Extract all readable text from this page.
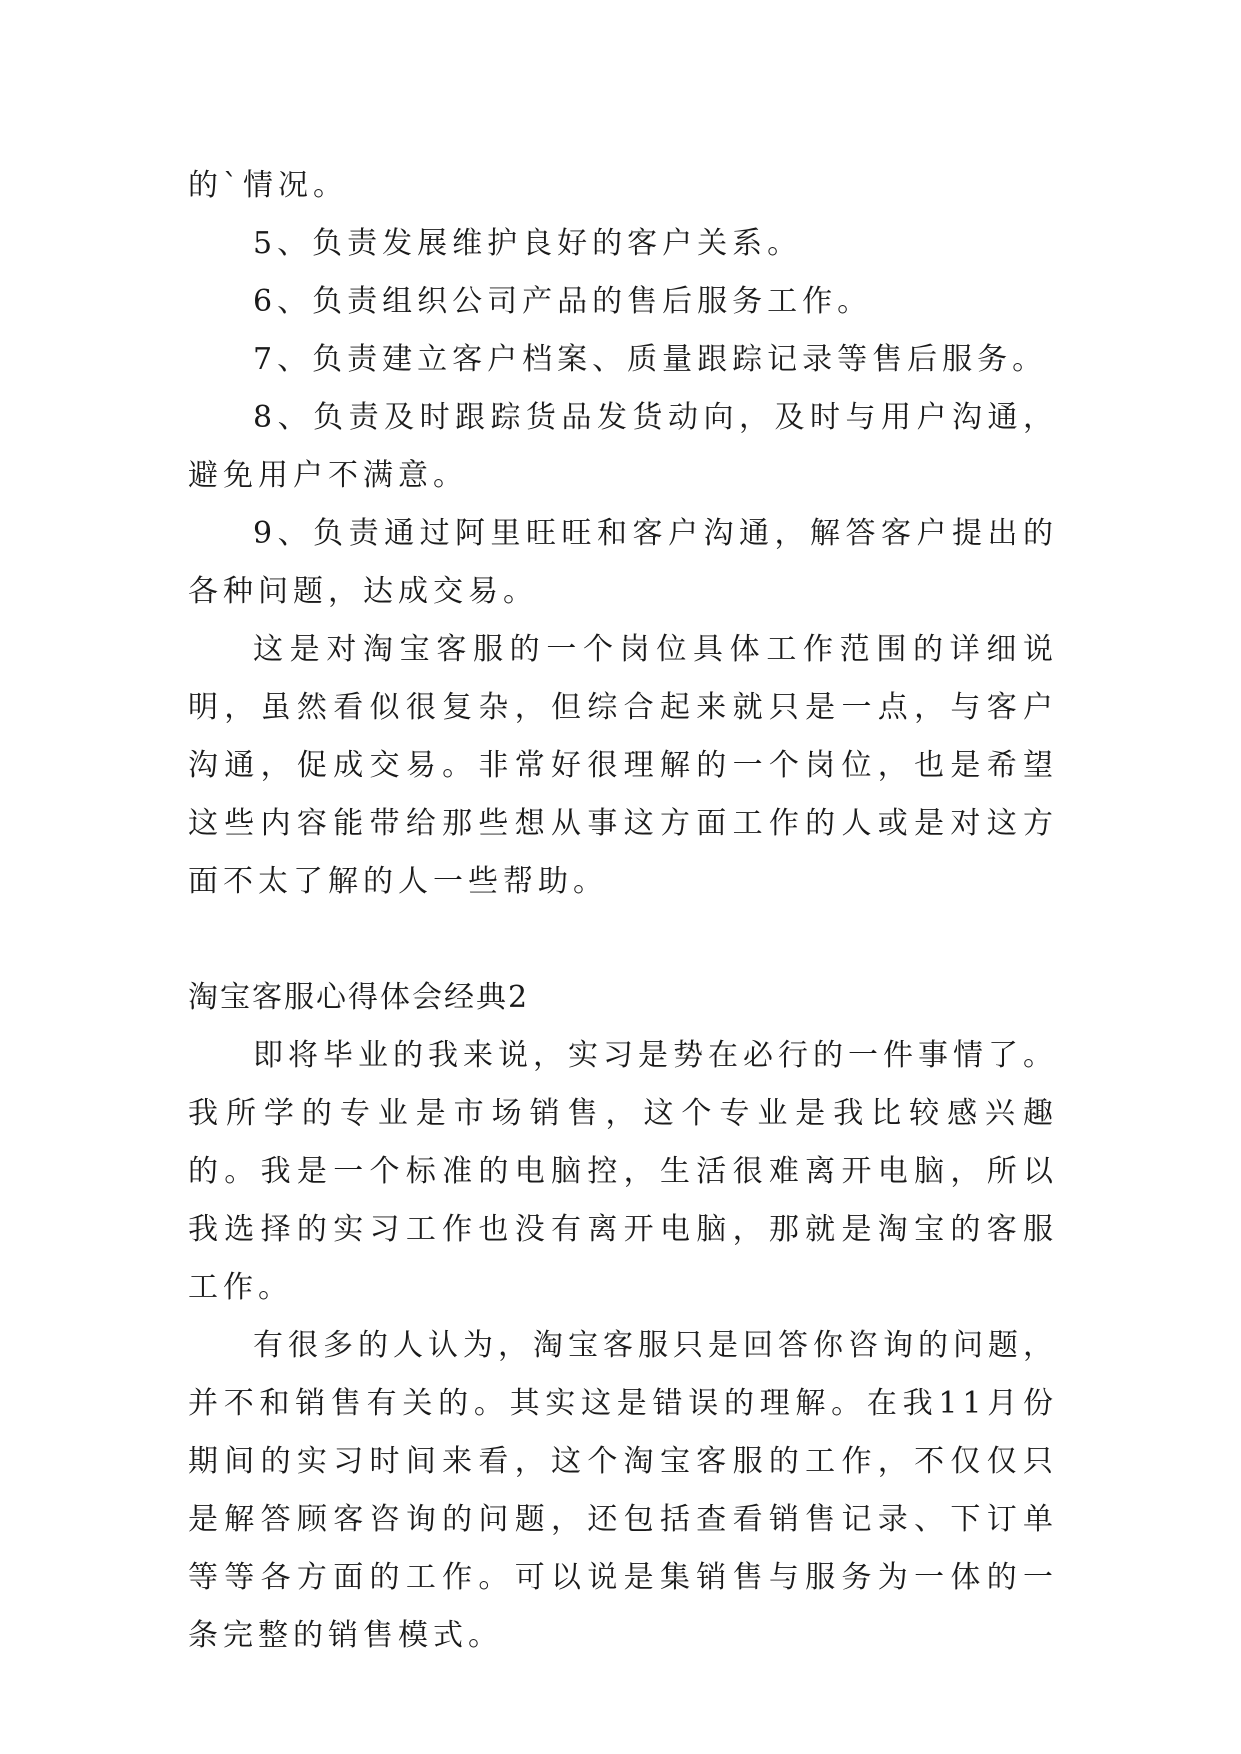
的`情况。

5、负责发展维护良好的客户关系。

6、负责组织公司产品的售后服务工作。

7、负责建立客户档案、质量跟踪记录等售后服务。

8、负责及时跟踪货品发货动向，及时与用户沟通，避免用户不满意。

9、负责通过阿里旺旺和客户沟通，解答客户提出的各种问题，达成交易。

这是对淘宝客服的一个岗位具体工作范围的详细说明，虽然看似很复杂，但综合起来就只是一点，与客户沟通，促成交易。非常好很理解的一个岗位，也是希望这些内容能带给那些想从事这方面工作的人或是对这方面不太了解的人一些帮助。

淘宝客服心得体会经典2

即将毕业的我来说，实习是势在必行的一件事情了。我所学的专业是市场销售，这个专业是我比较感兴趣的。我是一个标准的电脑控，生活很难离开电脑，所以我选择的实习工作也没有离开电脑，那就是淘宝的客服工作。

有很多的人认为，淘宝客服只是回答你咨询的问题，并不和销售有关的。其实这是错误的理解。在我11月份期间的实习时间来看，这个淘宝客服的工作，不仅仅只是解答顾客咨询的问题，还包括查看销售记录、下订单等等各方面的工作。可以说是集销售与服务为一体的一条完整的销售模式。
